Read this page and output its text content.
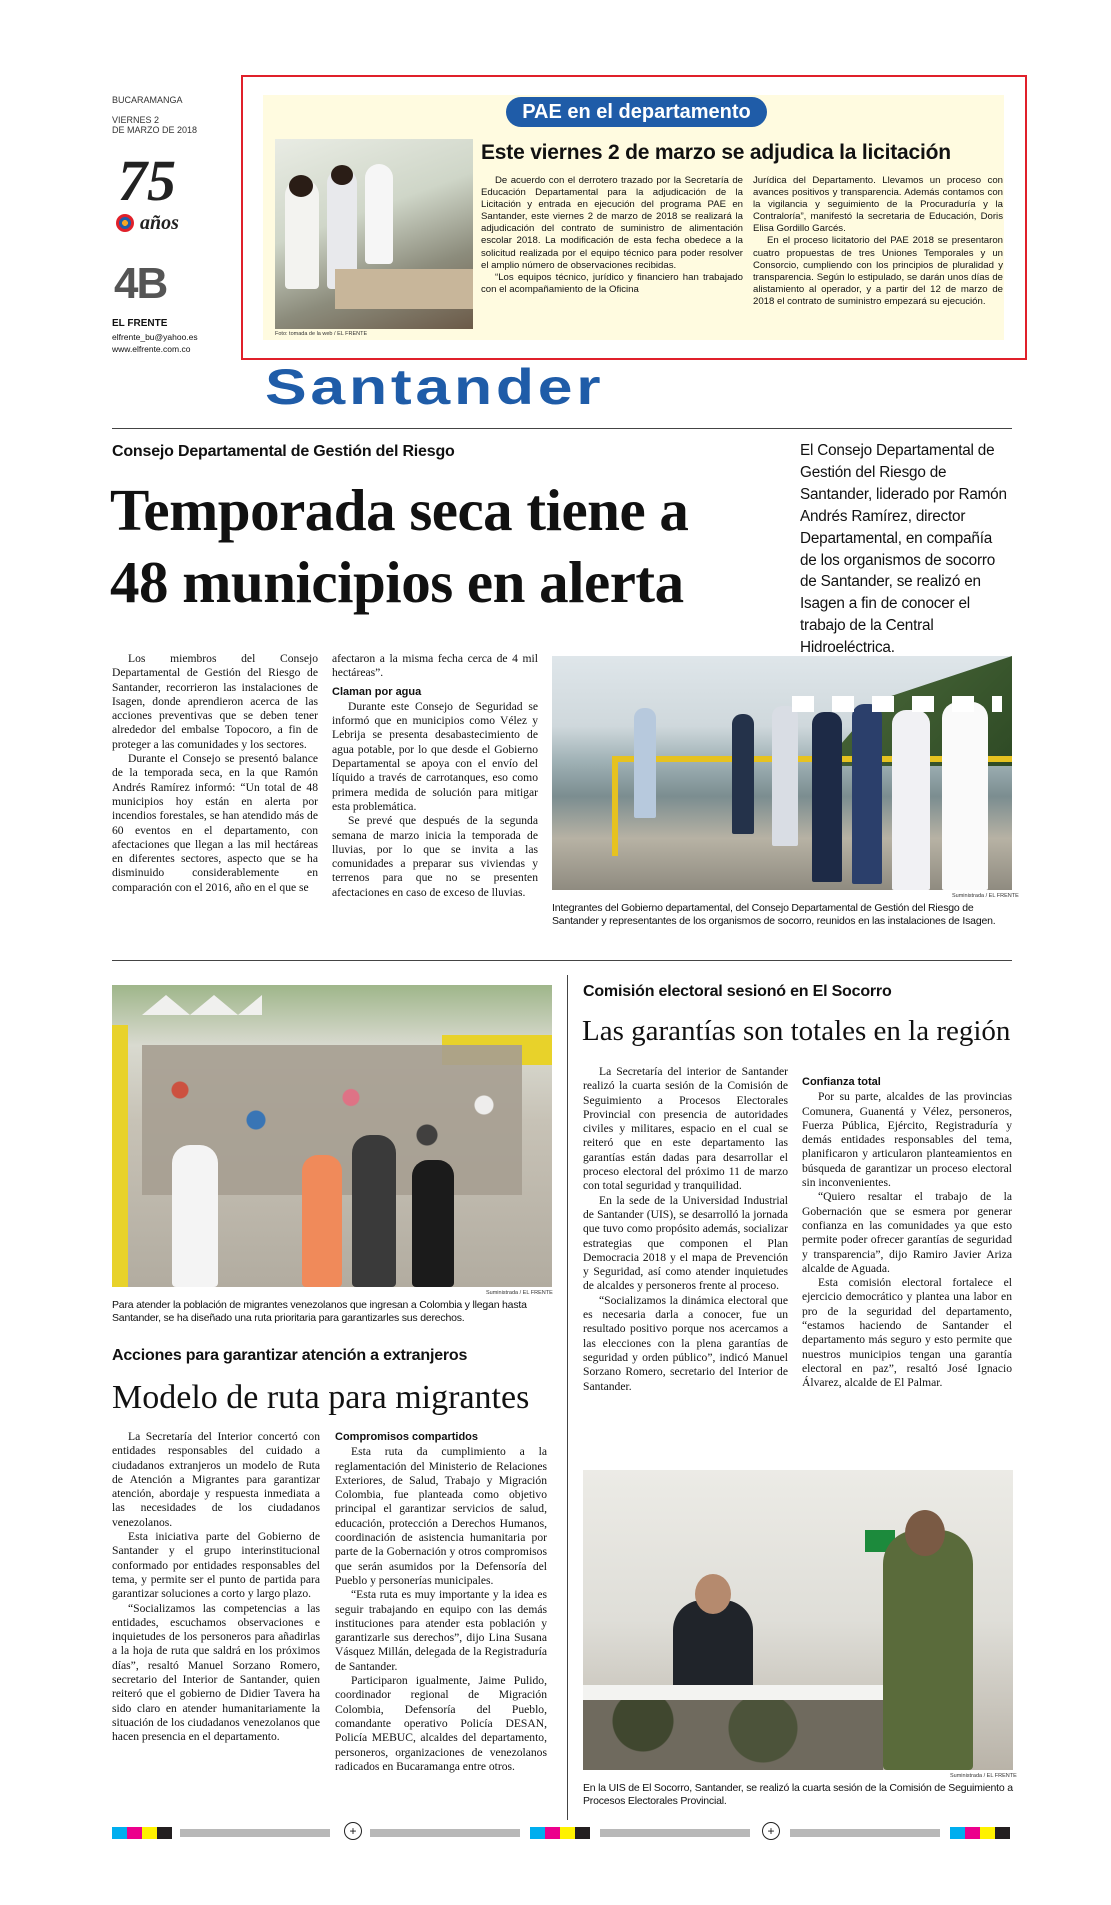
BUCARAMANGA
VIERNES 2
DE MARZO DE 2018
75
años
4B
EL FRENTE
elfrente_bu@yahoo.es
www.elfrente.com.co
PAE en el departamento
Este viernes 2 de marzo se adjudica la licitación
Foto: tomada de la web / EL FRENTE

De acuerdo con el derrotero trazado por la Secretaría de Educación Departamental para la adjudicación de la Licitación y entrada en ejecución del programa PAE en Santander, este viernes 2 de marzo de 2018 se realizará la adjudicación del contrato de suministro de alimentación escolar 2018. La modificación de esta fecha obedece a la solicitud realizada por el equipo técnico para poder resolver el amplio número de observaciones recibidas.

“Los equipos técnico, jurídico y financiero han trabajado con el acompañamiento de la Oficina

Jurídica del Departamento. Llevamos un proceso con avances positivos y transparencia. Además contamos con la vigilancia y seguimiento de la Procuraduría y la Contraloría”, manifestó la secretaria de Educación, Doris Elisa Gordillo Garcés.

En el proceso licitatorio del PAE 2018 se presentaron cuatro propuestas de tres Uniones Temporales y un Consorcio, cumpliendo con los principios de pluralidad y transparencia. Según lo estipulado, se darán unos días de alistamiento al operador, y a partir del 12 de marzo de 2018 el contrato de suministro empezará su ejecución.

Santander
Consejo Departamental de Gestión del Riesgo
Temporada seca tiene a
48 municipios en alerta
El Consejo Departamental de Gestión del Riesgo de Santander, liderado por Ramón Andrés Ramírez, director Departamental, en compañía de los organismos de socorro de Santander, se realizó en Isagen a fin de conocer el trabajo de la Central Hidroeléctrica.

Los miembros del Consejo Departamental de Gestión del Riesgo de Santander, recorrieron las instalaciones de Isagen, donde aprendieron acerca de las acciones preventivas que se deben tener alrededor del embalse Topocoro, a fin de proteger a las comunidades y los sectores.

Durante el Consejo se presentó balance de la temporada seca, en la que Ramón Andrés Ramírez informó: “Un total de 48 municipios hoy están en alerta por incendios forestales, se han atendido más de 60 eventos en el departamento, con afectaciones que llegan a las mil hectáreas en diferentes sectores, aspecto que se ha disminuido considerablemente en comparación con el 2016, año en el que se

afectaron a la misma fecha cerca de 4 mil hectáreas”.

Claman por agua

Durante este Consejo de Seguridad se informó que en municipios como Vélez y Lebrija se presenta desabastecimiento de agua potable, por lo que desde el Gobierno Departamental se apoya con el envío del líquido a través de carrotanques, eso como primera medida de solución para mitigar esta problemática.

Se prevé que después de la segunda semana de marzo inicia la temporada de lluvias, por lo que se invita a las comunidades a preparar sus viviendas y terrenos para que no se presenten afectaciones en caso de exceso de lluvias.	Suministrada / EL FRENTE
Integrantes del Gobierno departamental, del Consejo Departamental de Gestión del Riesgo de Santander y representantes de los organismos de socorro, reunidos en las instalaciones de Isagen.
Suministrada / EL FRENTE
Para atender la población de migrantes venezolanos que ingresan a Colombia y llegan hasta Santander, se ha diseñado una ruta prioritaria para garantizarles sus derechos.
Acciones para garantizar atención a extranjeros
Modelo de ruta para migrantes

La Secretaría del Interior concertó con entidades responsables del cuidado a ciudadanos extranjeros un modelo de Ruta de Atención a Migrantes para garantizar atención, abordaje y respuesta inmediata a las necesidades de los ciudadanos venezolanos.

Esta iniciativa parte del Gobierno de Santander y el grupo interinstitucional conformado por entidades responsables del tema, y permite ser el punto de partida para garantizar soluciones a corto y largo plazo.

“Socializamos las competencias a las entidades, escuchamos observaciones e inquietudes de los personeros para añadirlas a la hoja de ruta que saldrá en los próximos días”, resaltó Manuel Sorzano Romero, secretario del Interior de Santander, quien reiteró que el gobierno de Didier Tavera ha sido claro en atender humanitariamente la situación de los ciudadanos venezolanos que hacen presencia en el departamento.

Compromisos compartidos

Esta ruta da cumplimiento a la reglamentación del Ministerio de Relaciones Exteriores, de Salud, Trabajo y Migración Colombia, fue planteada como objetivo principal el garantizar servicios de salud, educación, protección a Derechos Humanos, coordinación de asistencia humanitaria por parte de la Gobernación y otros compromisos que serán asumidos por la Defensoría del Pueblo y personerías municipales.

“Esta ruta es muy importante y la idea es seguir trabajando en equipo con las demás instituciones para atender esta población y garantizarle sus derechos”, dijo Lina Susana Vásquez Millán, delegada de la Registraduría de Santander.

Participaron igualmente, Jaime Pulido, coordinador regional de Migración Colombia, Defensoría del Pueblo, comandante operativo Policía DESAN, Policía MEBUC, alcaldes del departamento, personeros, organizaciones de venezolanos radicados en Bucaramanga entre otros.

Comisión electoral sesionó en El Socorro
Las garantías son totales en la región

La Secretaría del interior de Santander realizó la cuarta sesión de la Comisión de Seguimiento a Procesos Electorales Provincial con presencia de autoridades civiles y militares, espacio en el cual se reiteró que en este departamento las garantías están dadas para desarrollar el proceso electoral del próximo 11 de marzo con total seguridad y tranquilidad.

En la sede de la Universidad Industrial de Santander (UIS), se desarrolló la jornada que tuvo como propósito además, socializar estrategias que componen el Plan Democracia 2018 y el mapa de Prevención y Seguridad, así como atender inquietudes de alcaldes y personeros frente al proceso.

“Socializamos la dinámica electoral que es necesaria darla a conocer, fue un resultado positivo porque nos acercamos a las elecciones con la plena garantías de seguridad y orden público”, indicó Manuel Sorzano Romero, secretario del Interior de Santander.

Confianza total

Por su parte, alcaldes de las provincias Comunera, Guanentá y Vélez, personeros, Fuerza Pública, Ejército, Registraduría y demás entidades responsables del tema, planificaron y articularon planteamientos en búsqueda de garantizar un proceso electoral sin inconvenientes.

“Quiero resaltar el trabajo de la Gobernación que se esmera por generar confianza en las comunidades ya que esto permite poder ofrecer garantías de seguridad y transparencia”, dijo Ramiro Javier Ariza alcalde de Aguada.

Esta comisión electoral fortalece el ejercicio democrático y plantea una labor en pro de la seguridad del departamento, “estamos haciendo de Santander el departamento más seguro y esto permite que nuestros municipios tengan una garantía electoral en paz”, resaltó José Ignacio Álvarez, alcalde de El Palmar.

Suministrada / EL FRENTE
En la UIS de El Socorro, Santander, se realizó la cuarta sesión de la Comisión de Seguimiento a Procesos Electorales Provincial.
+	+
